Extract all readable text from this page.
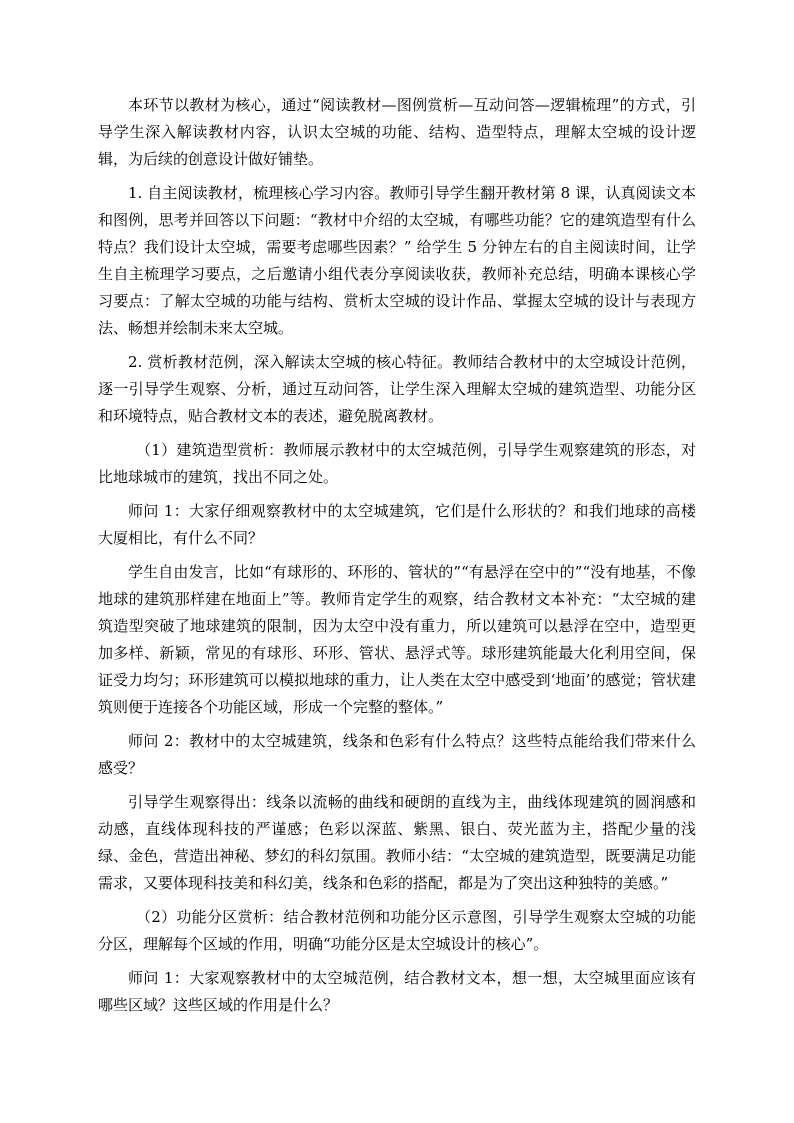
本环节以教材为核心，通过“阅读教材—图例赏析—互动问答—逻辑梳理”的方式，引导学生深入解读教材内容，认识太空城的功能、结构、造型特点，理解太空城的设计逻辑，为后续的创意设计做好铺垫。

1. 自主阅读教材，梳理核心学习内容。教师引导学生翻开教材第 8 课，认真阅读文本和图例，思考并回答以下问题：“教材中介绍的太空城，有哪些功能？它的建筑造型有什么特点？我们设计太空城，需要考虑哪些因素？” 给学生 5 分钟左右的自主阅读时间，让学生自主梳理学习要点，之后邀请小组代表分享阅读收获，教师补充总结，明确本课核心学习要点：了解太空城的功能与结构、赏析太空城的设计作品、掌握太空城的设计与表现方法、畅想并绘制未来太空城。

2. 赏析教材范例，深入解读太空城的核心特征。教师结合教材中的太空城设计范例，逐一引导学生观察、分析，通过互动问答，让学生深入理解太空城的建筑造型、功能分区和环境特点，贴合教材文本的表述，避免脱离教材。

（1）建筑造型赏析：教师展示教材中的太空城范例，引导学生观察建筑的形态，对比地球城市的建筑，找出不同之处。

师问 1：大家仔细观察教材中的太空城建筑，它们是什么形状的？和我们地球的高楼大厦相比，有什么不同？

学生自由发言，比如“有球形的、环形的、管状的”“有悬浮在空中的”“没有地基，不像地球的建筑那样建在地面上”等。教师肯定学生的观察，结合教材文本补充：“太空城的建筑造型突破了地球建筑的限制，因为太空中没有重力，所以建筑可以悬浮在空中，造型更加多样、新颖，常见的有球形、环形、管状、悬浮式等。球形建筑能最大化利用空间，保证受力均匀；环形建筑可以模拟地球的重力，让人类在太空中感受到‘地面’的感觉；管状建筑则便于连接各个功能区域，形成一个完整的整体。”

师问 2：教材中的太空城建筑，线条和色彩有什么特点？这些特点能给我们带来什么感受？

引导学生观察得出：线条以流畅的曲线和硬朗的直线为主，曲线体现建筑的圆润感和动感，直线体现科技的严谨感；色彩以深蓝、紫黑、银白、荧光蓝为主，搭配少量的浅绿、金色，营造出神秘、梦幻的科幻氛围。教师小结：“太空城的建筑造型，既要满足功能需求，又要体现科技美和科幻美，线条和色彩的搭配，都是为了突出这种独特的美感。”

（2）功能分区赏析：结合教材范例和功能分区示意图，引导学生观察太空城的功能分区，理解每个区域的作用，明确“功能分区是太空城设计的核心”。

师问 1：大家观察教材中的太空城范例，结合教材文本，想一想，太空城里面应该有哪些区域？这些区域的作用是什么？
